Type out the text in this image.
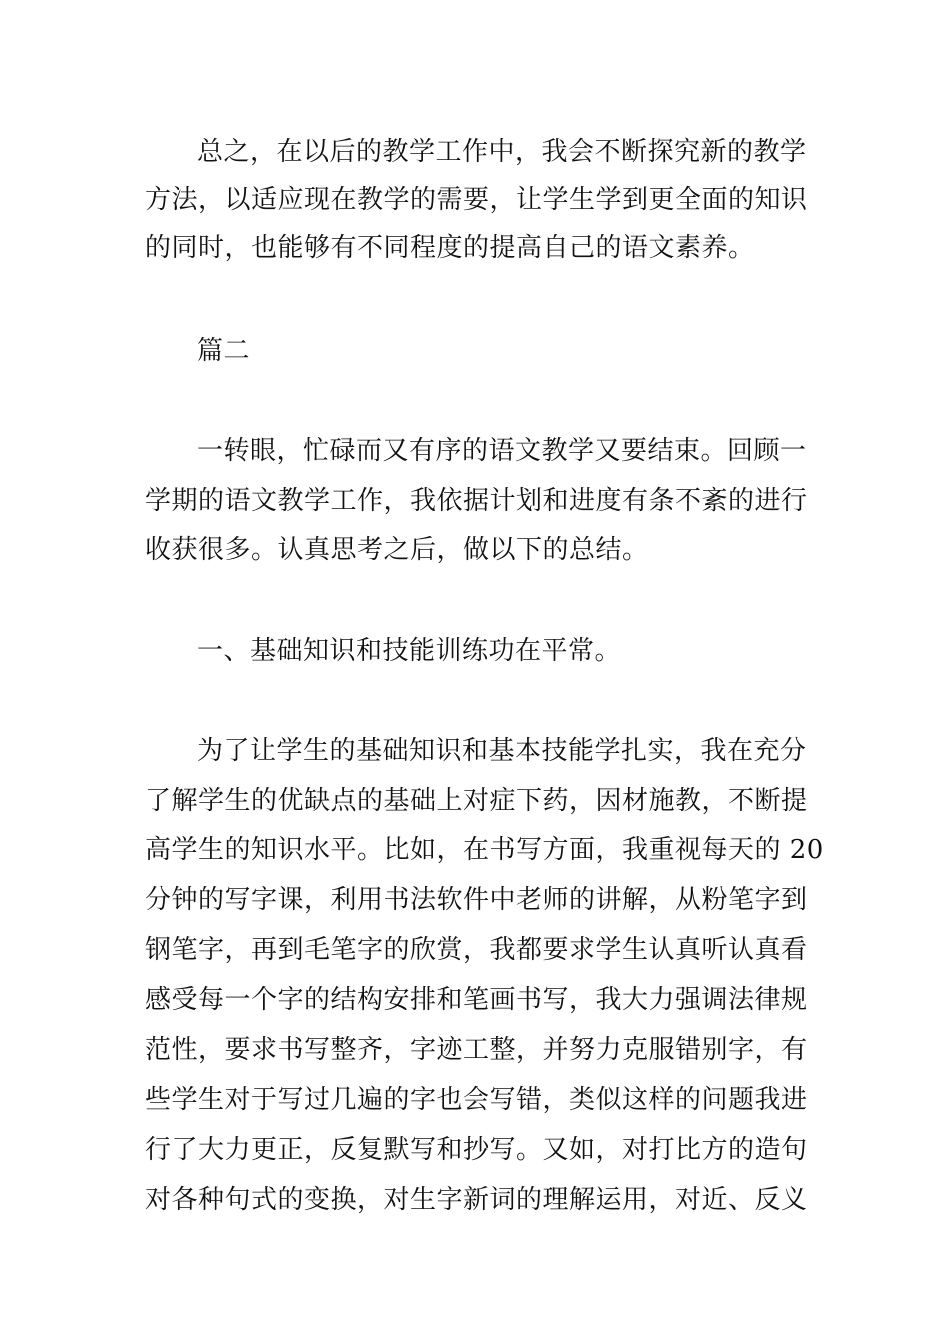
总之，在以后的教学工作中，我会不断探究新的教学
方法，以适应现在教学的需要，让学生学到更全面的知识
的同时，也能够有不同程度的提高自己的语文素养。
篇二
一转眼，忙碌而又有序的语文教学又要结束。回顾一
学期的语文教学工作，我依据计划和进度有条不紊的进行
收获很多。认真思考之后，做以下的总结。
一、基础知识和技能训练功在平常。
为了让学生的基础知识和基本技能学扎实，我在充分
了解学生的优缺点的基础上对症下药，因材施教，不断提
高学生的知识水平。比如，在书写方面，我重视每天的 20
分钟的写字课，利用书法软件中老师的讲解，从粉笔字到
钢笔字，再到毛笔字的欣赏，我都要求学生认真听认真看
感受每一个字的结构安排和笔画书写，我大力强调法律规
范性，要求书写整齐，字迹工整，并努力克服错别字，有
些学生对于写过几遍的字也会写错，类似这样的问题我进
行了大力更正，反复默写和抄写。又如，对打比方的造句
对各种句式的变换，对生字新词的理解运用，对近、反义
